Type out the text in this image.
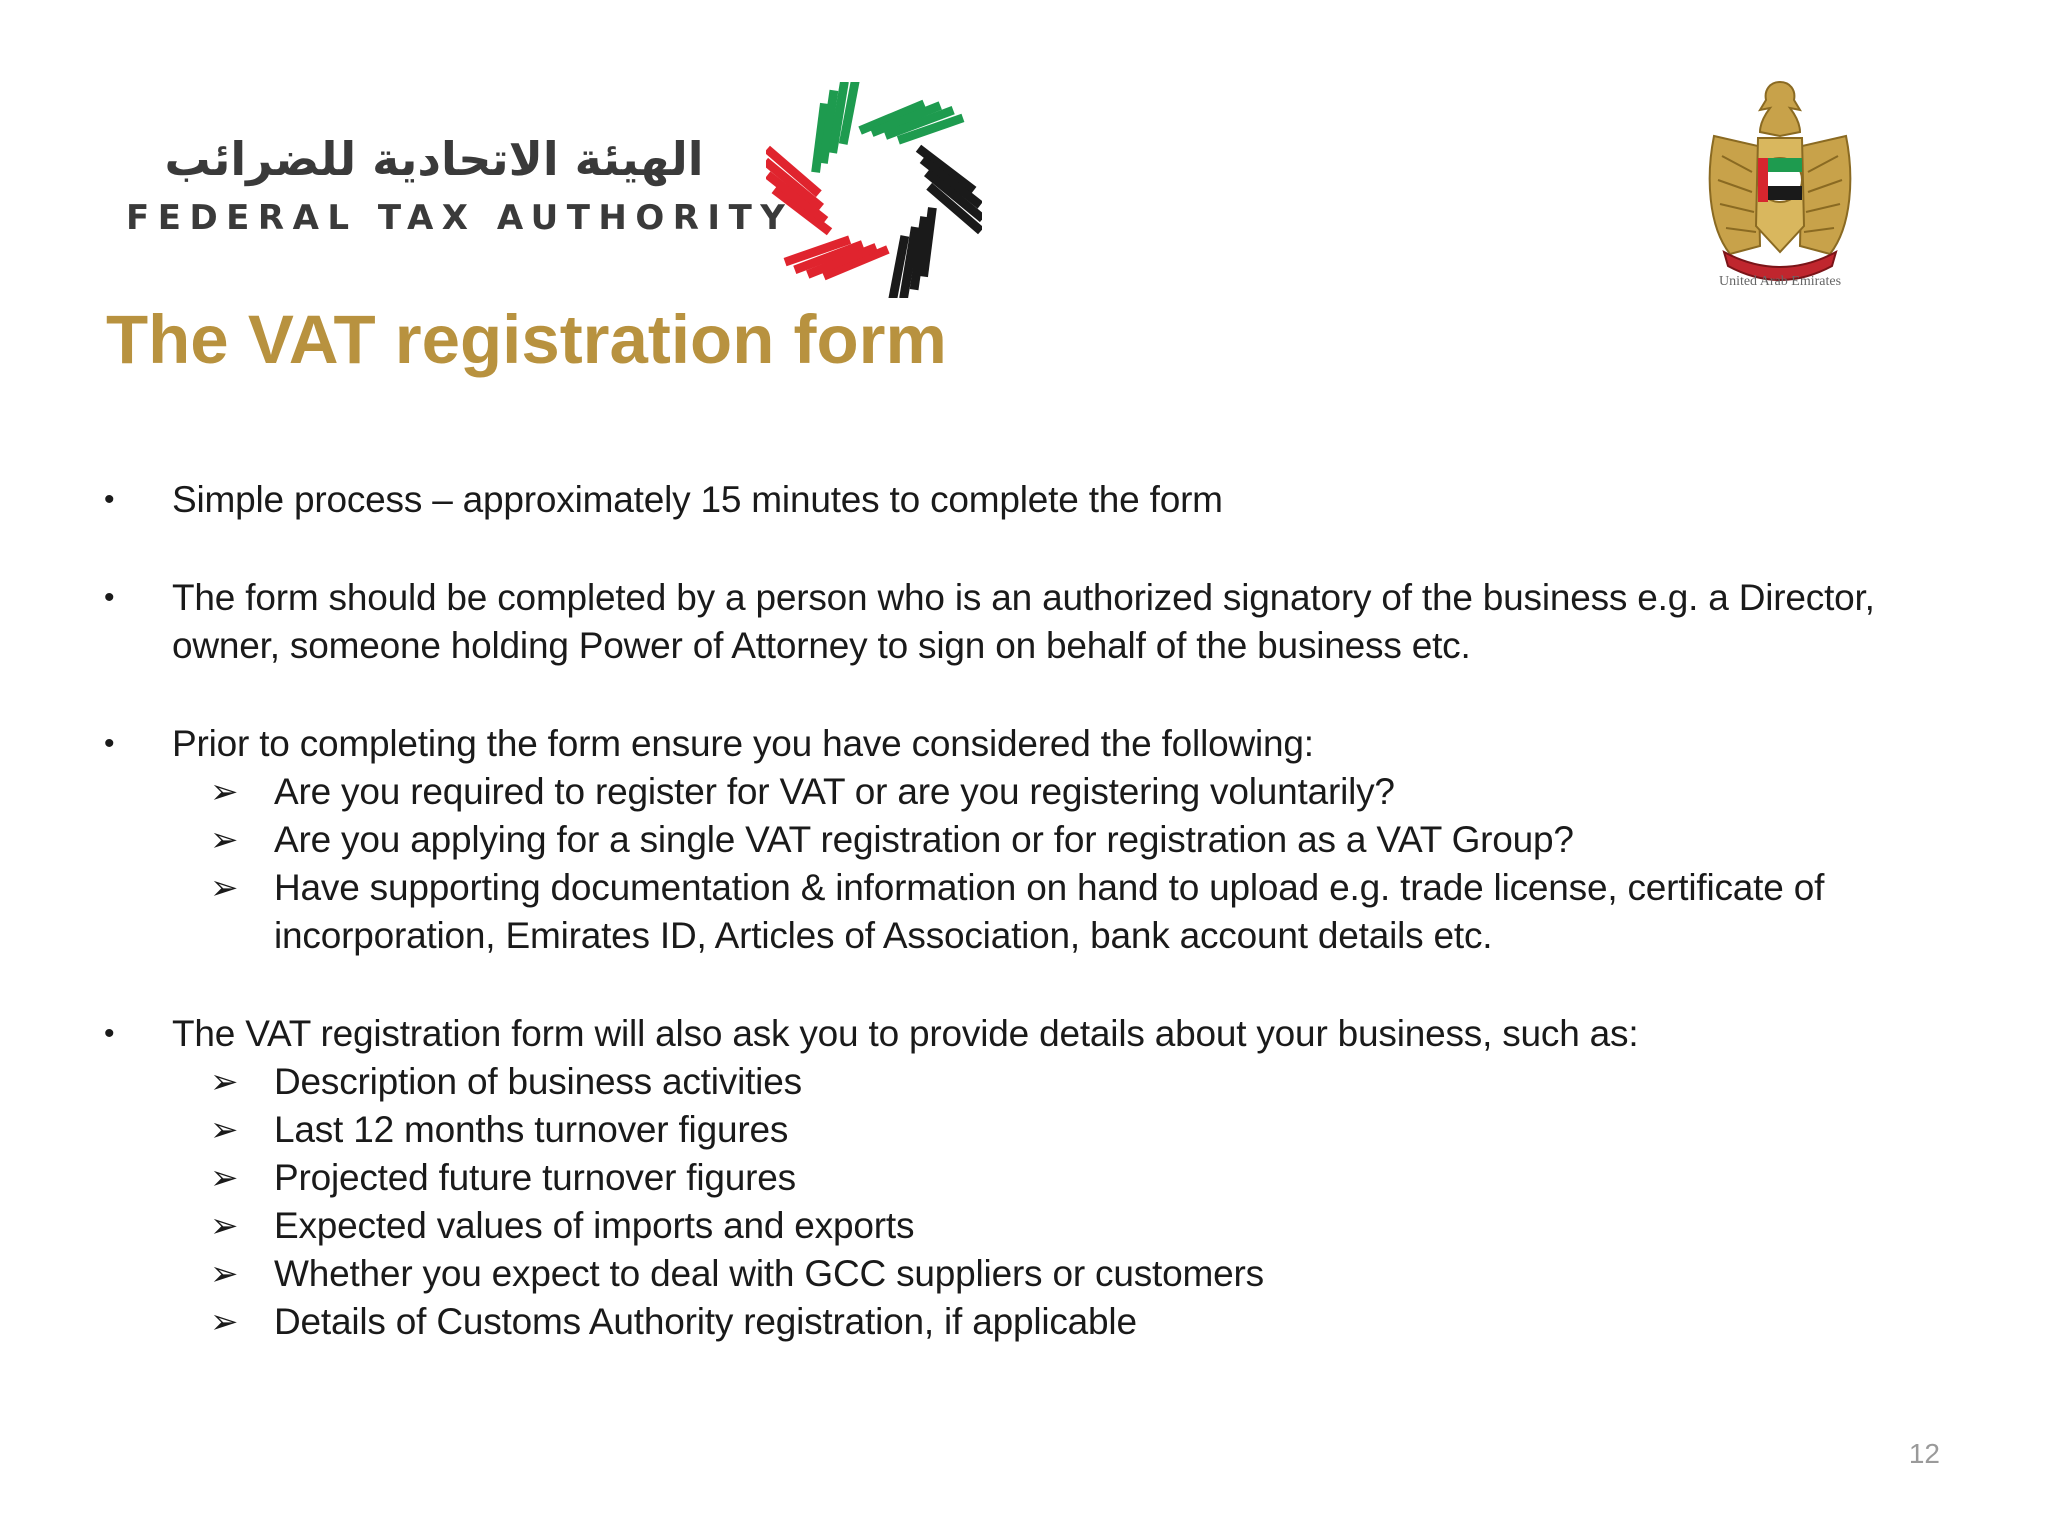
الهيئة الاتحادية للضرائب
FEDERAL TAX AUTHORITY
United Arab Emirates
The VAT registration form
• Simple process – approximately 15 minutes to complete the form
• The form should be completed by a person who is an authorized signatory of the business e.g. a Director, owner, someone holding Power of Attorney to sign on behalf of the business etc.
• Prior to completing the form ensure you have considered the following:
➢ Are you required to register for VAT or are you registering voluntarily?
➢ Are you applying for a single VAT registration or for registration as a VAT Group?
➢ Have supporting documentation & information on hand to upload e.g. trade license, certificate of incorporation, Emirates ID, Articles of Association, bank account details etc.
• The VAT registration form will also ask you to provide details about your business, such as:
➢ Description of business activities
➢ Last 12 months turnover figures
➢ Projected future turnover figures
➢ Expected values of imports and exports
➢ Whether you expect to deal with GCC suppliers or customers
➢ Details of Customs Authority registration, if applicable
12
